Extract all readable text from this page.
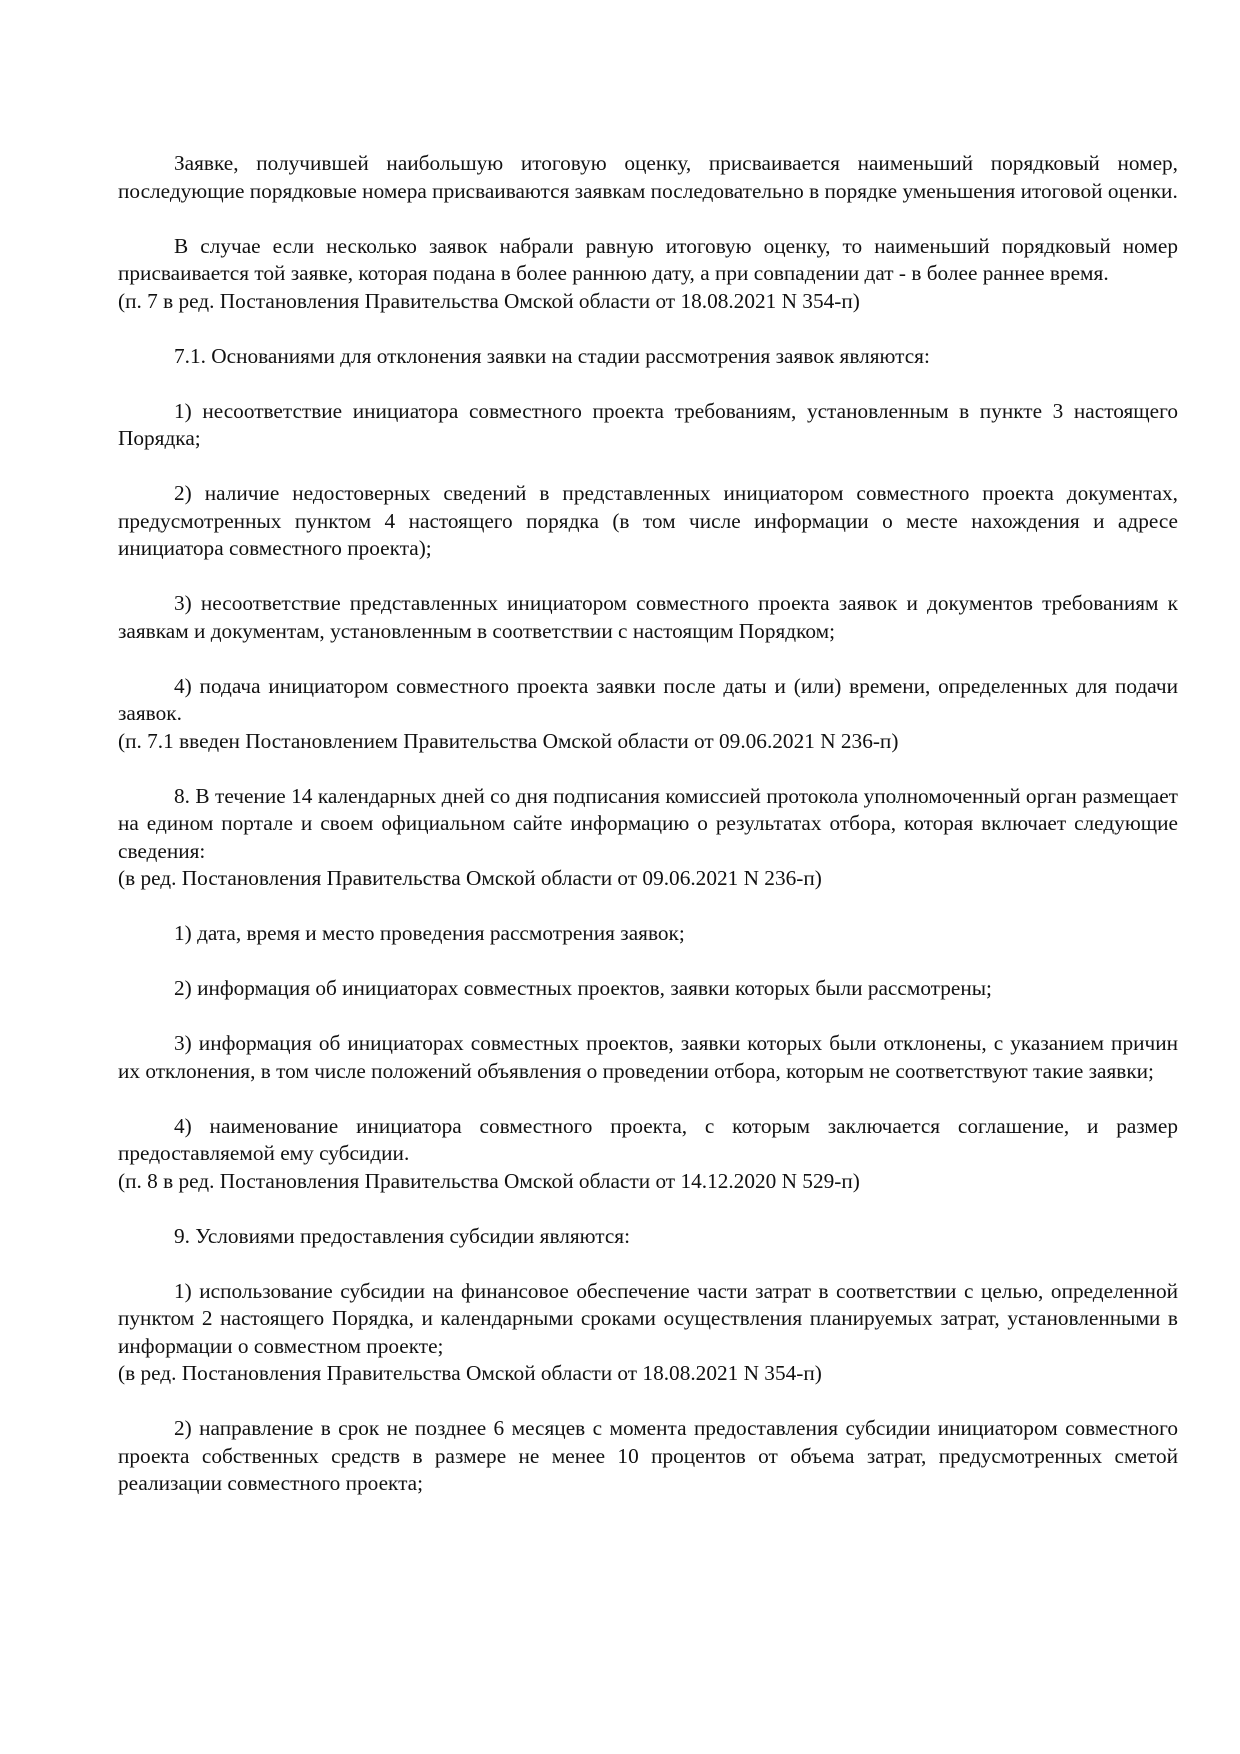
Заявке, получившей наибольшую итоговую оценку, присваивается наименьший порядковый номер, последующие порядковые номера присваиваются заявкам последовательно в порядке уменьшения итоговой оценки.

В случае если несколько заявок набрали равную итоговую оценку, то наименьший порядковый номер присваивается той заявке, которая подана в более раннюю дату, а при совпадении дат - в более раннее время.

(п. 7 в ред. Постановления Правительства Омской области от 18.08.2021 N 354-п)

7.1. Основаниями для отклонения заявки на стадии рассмотрения заявок являются:

1) несоответствие инициатора совместного проекта требованиям, установленным в пункте 3 настоящего Порядка;

2) наличие недостоверных сведений в представленных инициатором совместного проекта документах, предусмотренных пунктом 4 настоящего порядка (в том числе информации о месте нахождения и адресе инициатора совместного проекта);

3) несоответствие представленных инициатором совместного проекта заявок и документов требованиям к заявкам и документам, установленным в соответствии с настоящим Порядком;

4) подача инициатором совместного проекта заявки после даты и (или) времени, определенных для подачи заявок.

(п. 7.1 введен Постановлением Правительства Омской области от 09.06.2021 N 236-п)

8. В течение 14 календарных дней со дня подписания комиссией протокола уполномоченный орган размещает на едином портале и своем официальном сайте информацию о результатах отбора, которая включает следующие сведения:

(в ред. Постановления Правительства Омской области от 09.06.2021 N 236-п)

1) дата, время и место проведения рассмотрения заявок;

2) информация об инициаторах совместных проектов, заявки которых были рассмотрены;

3) информация об инициаторах совместных проектов, заявки которых были отклонены, с указанием причин их отклонения, в том числе положений объявления о проведении отбора, которым не соответствуют такие заявки;

4) наименование инициатора совместного проекта, с которым заключается соглашение, и размер предоставляемой ему субсидии.

(п. 8 в ред. Постановления Правительства Омской области от 14.12.2020 N 529-п)

9. Условиями предоставления субсидии являются:

1) использование субсидии на финансовое обеспечение части затрат в соответствии с целью, определенной пунктом 2 настоящего Порядка, и календарными сроками осуществления планируемых затрат, установленными в информации о совместном проекте;

(в ред. Постановления Правительства Омской области от 18.08.2021 N 354-п)

2) направление в срок не позднее 6 месяцев с момента предоставления субсидии инициатором совместного проекта собственных средств в размере не менее 10 процентов от объема затрат, предусмотренных сметой реализации совместного проекта;
